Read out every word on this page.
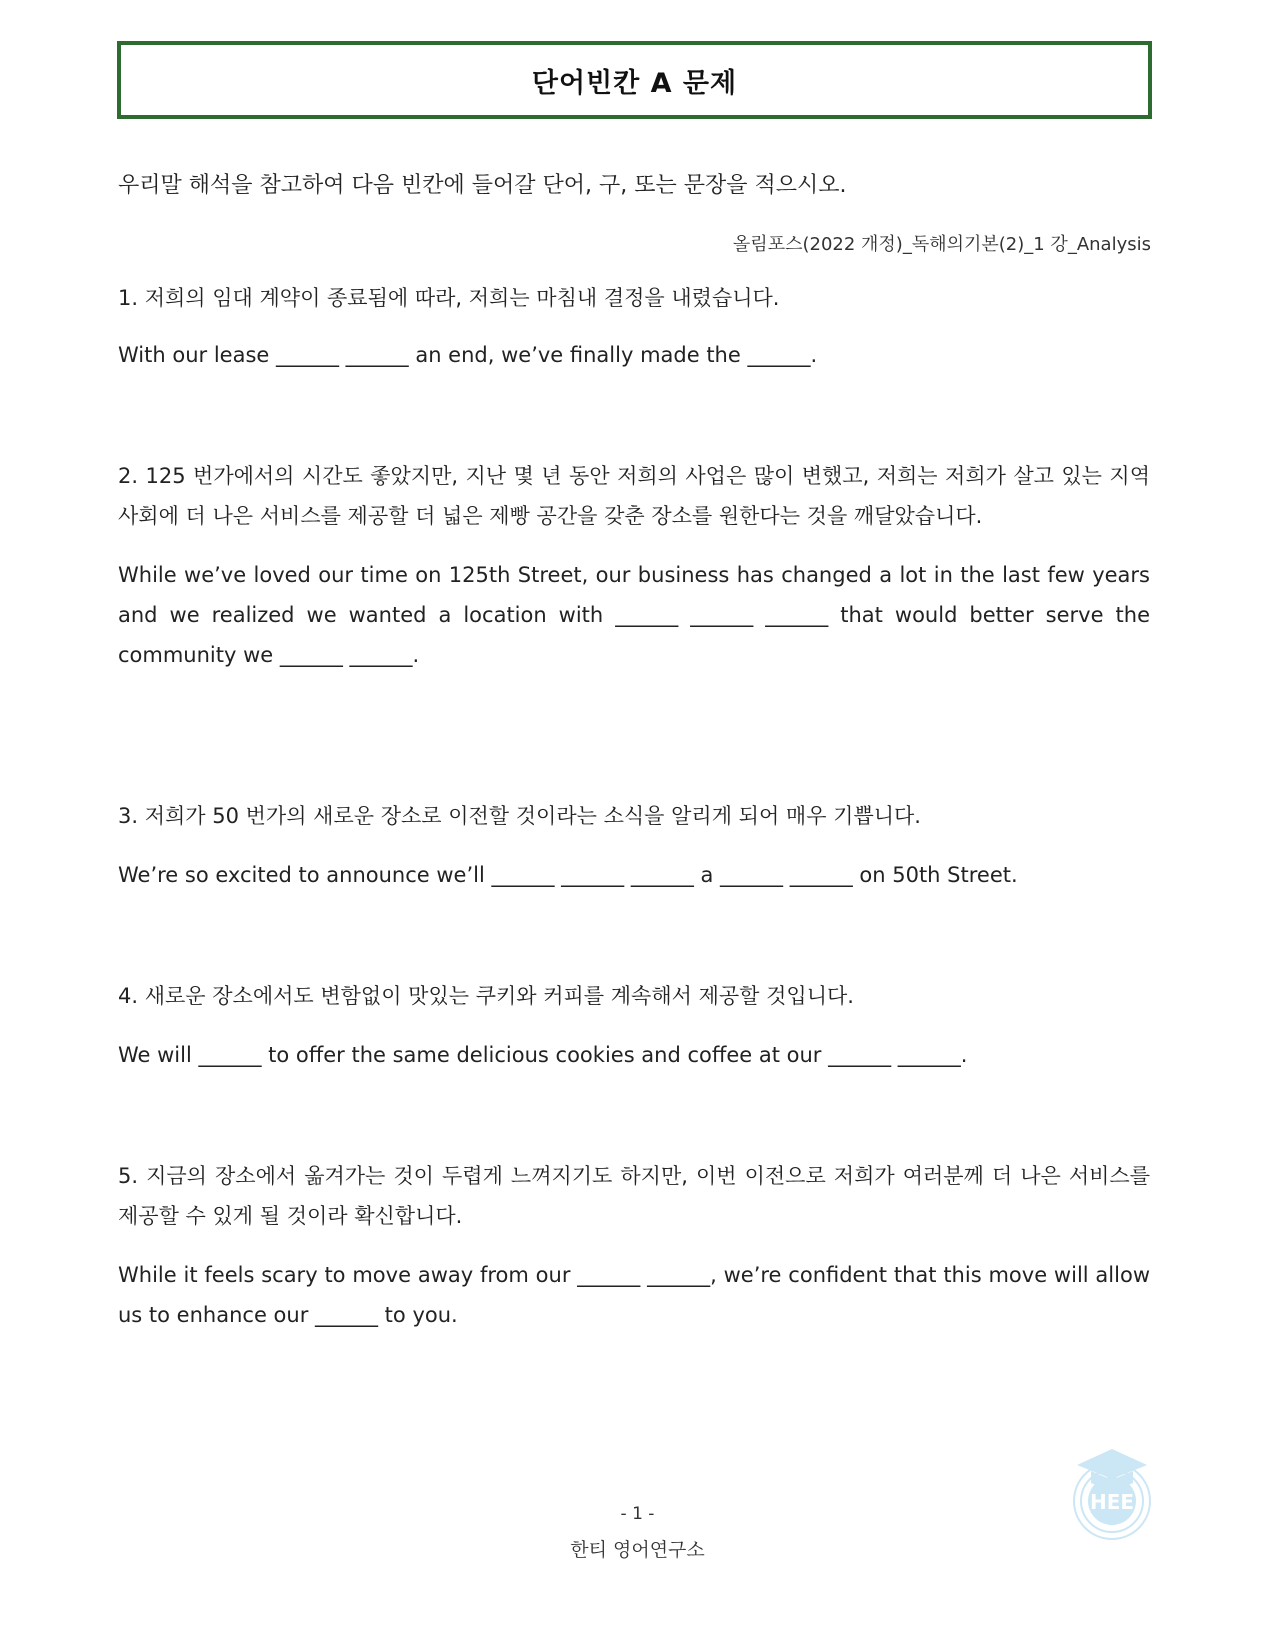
단어빈칸 A 문제
우리말 해석을 참고하여 다음 빈칸에 들어갈 단어, 구, 또는 문장을 적으시오.
올림포스(2022 개정)_독해의기본(2)_1 강_Analysis

1. 저희의 임대 계약이 종료됨에 따라, 저희는 마침내 결정을 내렸습니다.

With our lease ______ ______ an end, we’ve finally made the ______.

2. 125 번가에서의 시간도 좋았지만, 지난 몇 년 동안 저희의 사업은 많이 변했고, 저희는 저희가 살고 있는 지역 사회에 더 나은 서비스를 제공할 더 넓은 제빵 공간을 갖춘 장소를 원한다는 것을 깨달았습니다.

While we’ve loved our time on 125th Street, our business has changed a lot in the last few years and we realized we wanted a location with ______ ______ ______ that would better serve the community we ______ ______.

3. 저희가 50 번가의 새로운 장소로 이전할 것이라는 소식을 알리게 되어 매우 기쁩니다.

We’re so excited to announce we’ll ______ ______ ______ a ______ ______ on 50th Street.

4. 새로운 장소에서도 변함없이 맛있는 쿠키와 커피를 계속해서 제공할 것입니다.

We will ______ to offer the same delicious cookies and coffee at our ______ ______.

5. 지금의 장소에서 옮겨가는 것이 두렵게 느껴지기도 하지만, 이번 이전으로 저희가 여러분께 더 나은 서비스를 제공할 수 있게 될 것이라 확신합니다.

While it feels scary to move away from our ______ ______, we’re confident that this move will allow us to enhance our ______ to you.

HEE
- 1 -
한티 영어연구소
